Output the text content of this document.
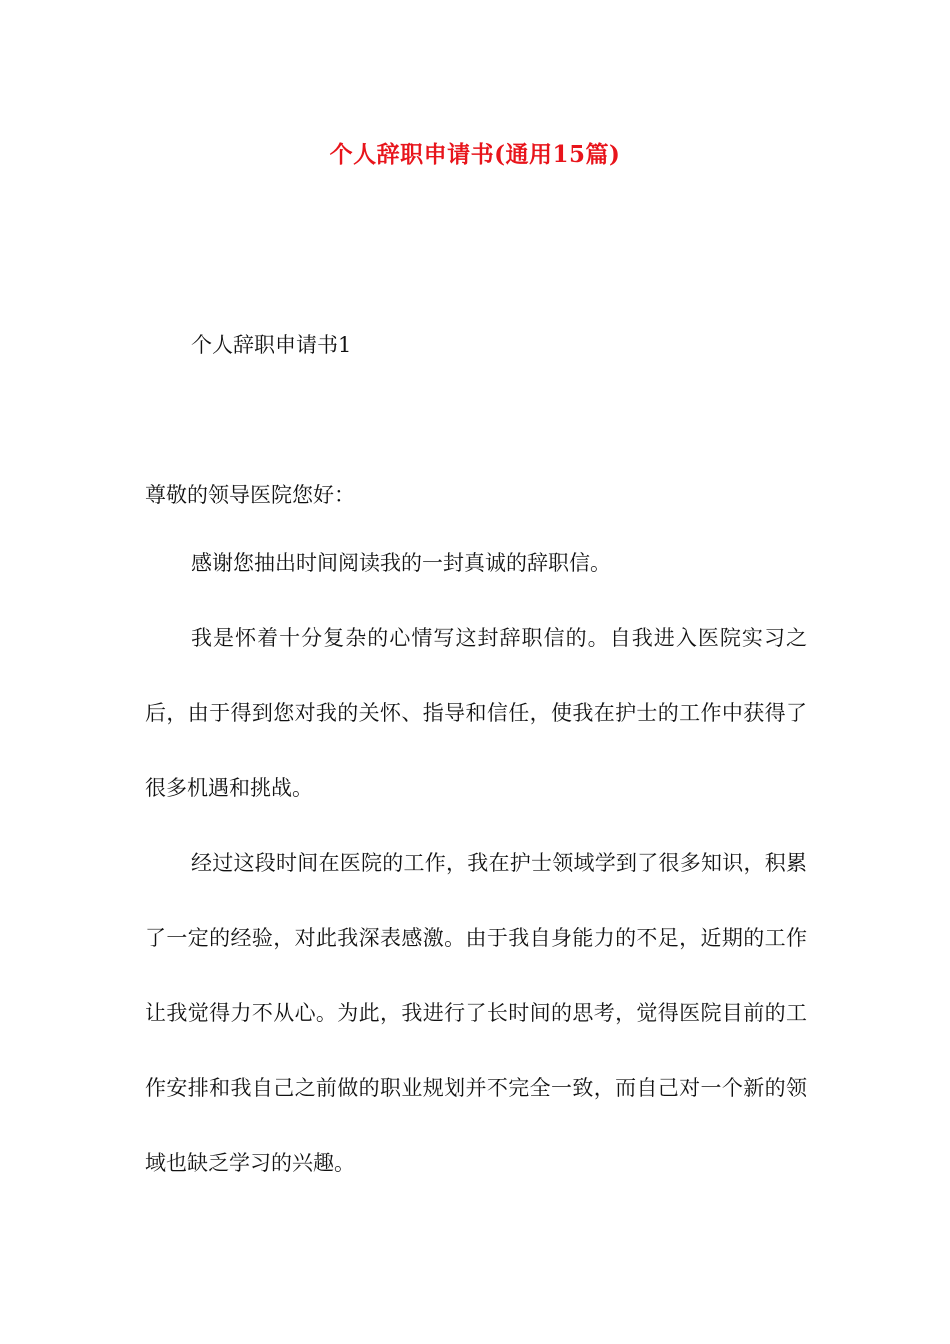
个人辞职申请书(通用15篇)
个人辞职申请书1
尊敬的领导医院您好：

感谢您抽出时间阅读我的一封真诚的辞职信。

我是怀着十分复杂的心情写这封辞职信的。自我进入医院实习之后，由于得到您对我的关怀、指导和信任，使我在护士的工作中获得了很多机遇和挑战。

经过这段时间在医院的工作，我在护士领域学到了很多知识，积累了一定的经验，对此我深表感激。由于我自身能力的不足，近期的工作让我觉得力不从心。为此，我进行了长时间的思考，觉得医院目前的工作安排和我自己之前做的职业规划并不完全一致，而自己对一个新的领域也缺乏学习的兴趣。
